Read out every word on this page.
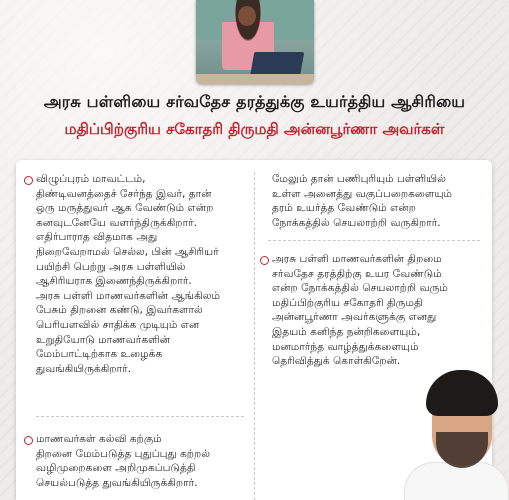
அரசு பள்ளியை சர்வதேச தரத்துக்கு உயர்த்திய ஆசிரியை
மதிப்பிற்குரிய சகோதரி திருமதி அன்னபூர்ணா அவர்கள்
விழுப்புரம் மாவட்டம்,
திண்டிவனத்தைச் சேர்ந்த இவர், தான்
ஒரு மருத்துவர் ஆக வேண்டும் என்ற
கனவுடனேயே வளர்ந்திருக்கிறார்.
எதிர்பாராத விதமாக அது
நிறைவேறாமல் செல்ல, பின் ஆசிரியர்
பயிற்சி பெற்று அரசு பள்ளியில்
ஆசிரியராக இணைந்திருக்கிறார்.
அரசு பள்ளி மாணவர்களின் ஆங்கிலம்
பேசும் திறனை கண்டு, இவர்களால்
பெரியளவில் சாதிக்க முடியும் என
உறுதியோடு மாணவர்களின்
மேம்பாட்டிற்காக உழைக்க
துவங்கியிருக்கிறார்.
மாணவர்கள் கல்வி கற்கும்
திறனை மேம்படுத்த புதுப்புது கற்றல்
வழிமுறைகளை அறிமுகப்படுத்தி
செயல்படுத்த துவங்கியிருக்கிறார்.
மேலும் தான் பணிபுரியும் பள்ளியில்
உள்ள அனைத்து வகுப்பறைகளையும்
தரம் உயர்த்த வேண்டும் என்ற
நோக்கத்தில் செயலாற்றி வருகிறார்.
அரசு பள்ளி மாணவர்களின் திறமை
சர்வதேச தரத்திற்கு உயர வேண்டும்
என்ற நோக்கத்தில் செயலாற்றி வரும்
மதிப்பிற்குரிய சகோதரி திருமதி
அன்னபூர்ணா அவர்களுக்கு எனது
இதயம் கனிந்த நன்றிகளையும்,
மனமார்ந்த வாழ்த்துக்களையும்
தெரிவித்துக் கொள்கிறேன்.
